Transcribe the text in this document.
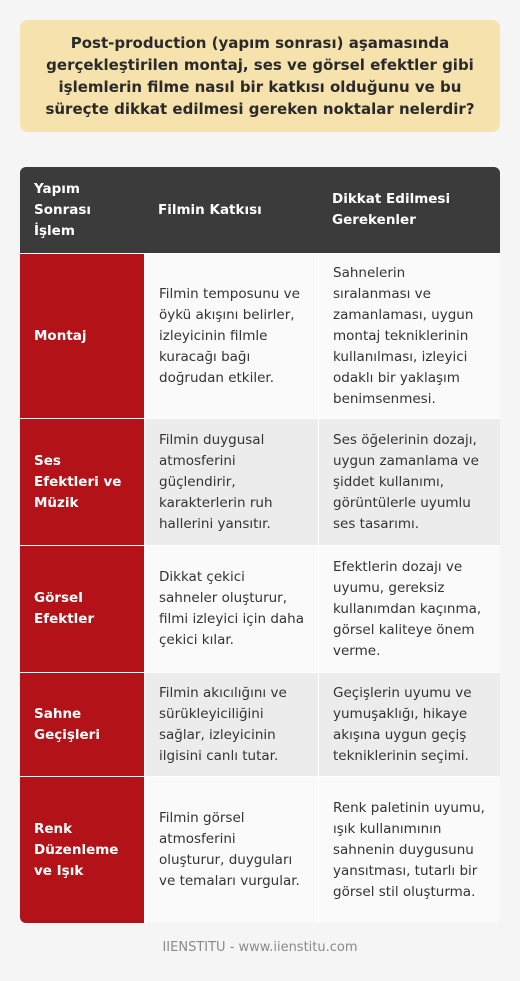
Post-production (yapım sonrası) aşamasında gerçekleştirilen montaj, ses ve görsel efektler gibi işlemlerin filme nasıl bir katkısı olduğunu ve bu süreçte dikkat edilmesi gereken noktalar nelerdir?
Yapım Sonrası İşlem
Filmin Katkısı
Dikkat Edilmesi Gerekenler
Montaj
Filmin temposunu ve öykü akışını belirler, izleyicinin filmle kuracağı bağı doğrudan etkiler.
Sahnelerin sıralanması ve zamanlaması, uygun montaj tekniklerinin kullanılması, izleyici odaklı bir yaklaşım benimsenmesi.
Ses Efektleri ve Müzik
Filmin duygusal atmosferini güçlendirir, karakterlerin ruh hallerini yansıtır.
Ses öğelerinin dozajı, uygun zamanlama ve şiddet kullanımı, görüntülerle uyumlu ses tasarımı.
Görsel Efektler
Dikkat çekici sahneler oluşturur, filmi izleyici için daha çekici kılar.
Efektlerin dozajı ve uyumu, gereksiz kullanımdan kaçınma, görsel kaliteye önem verme.
Sahne Geçişleri
Filmin akıcılığını ve sürükleyiciliğini sağlar, izleyicinin ilgisini canlı tutar.
Geçişlerin uyumu ve yumuşaklığı, hikaye akışına uygun geçiş tekniklerinin seçimi.
Renk Düzenleme ve Işık
Filmin görsel atmosferini oluşturur, duyguları ve temaları vurgular.
Renk paletinin uyumu, ışık kullanımının sahnenin duygusunu yansıtması, tutarlı bir görsel stil oluşturma.
IIENSTITU - www.iienstitu.com
